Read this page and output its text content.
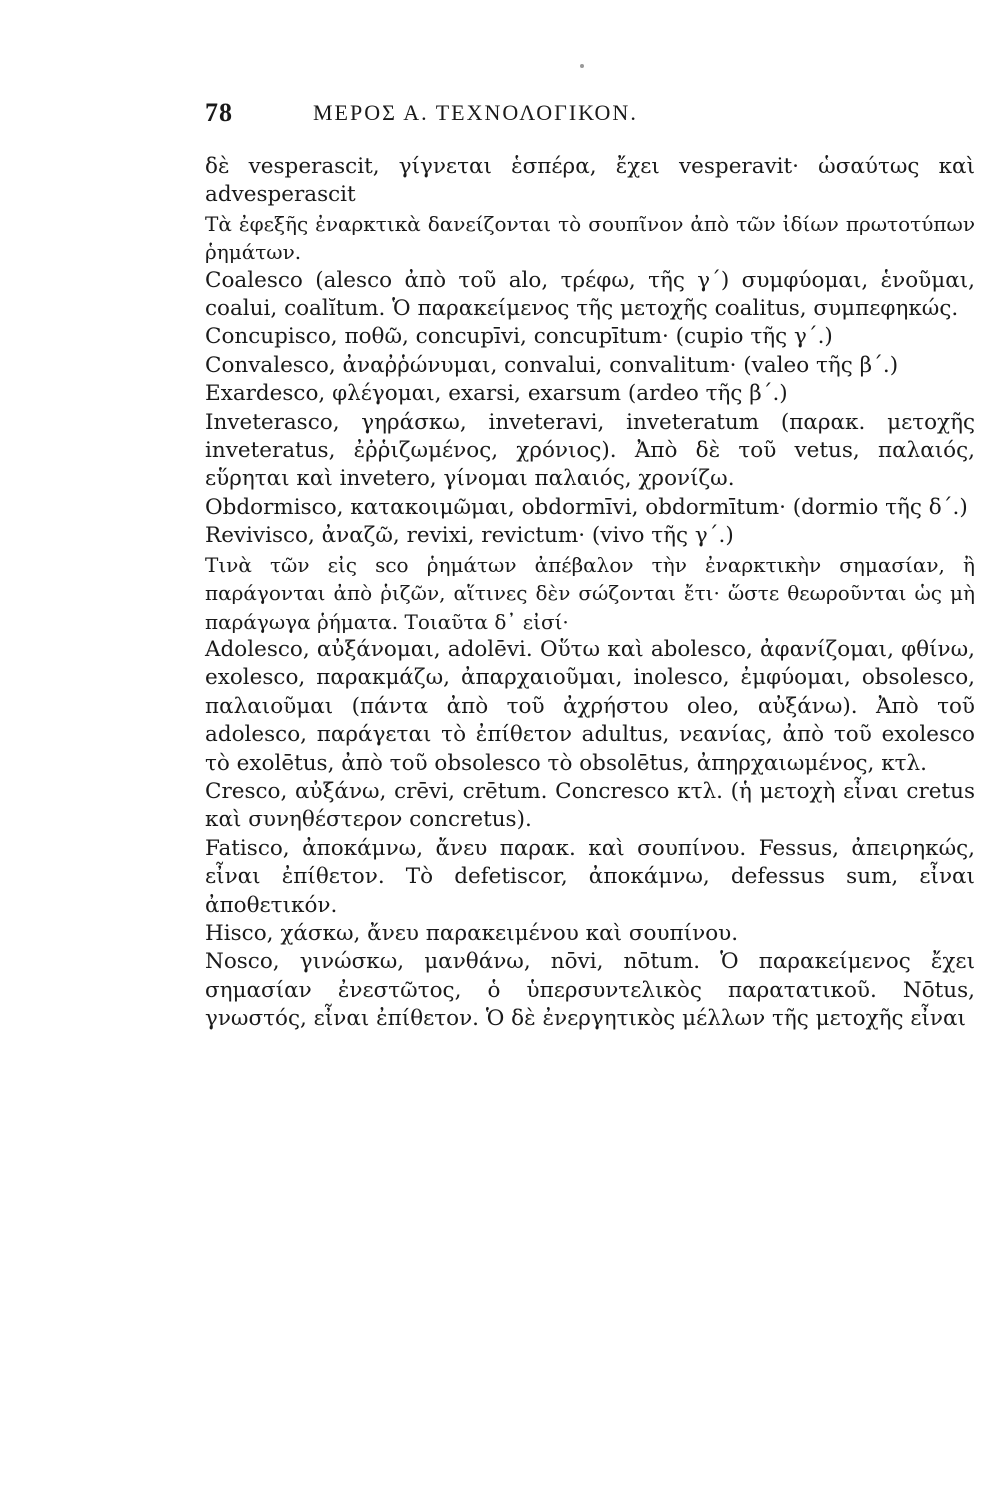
78	ΜΕΡΟΣ Α. ΤΕΧΝΟΛΟΓΙΚΟΝ.

δὲ vesperascit, γίγνεται ἑσπέρα, ἔχει vesperavit· ὡσαύτως καὶ advesperascit

Τὰ ἐφεξῆς ἐναρκτικὰ δανείζονται τὸ σουπῖνον ἀπὸ τῶν ἰδίων πρωτοτύπων ῥημάτων.

Coalesco (alesco ἀπὸ τοῦ alo, τρέφω, τῆς γ΄) συμφύομαι, ἑνοῦμαι, coalui, coalĭtum. Ὁ παρακείμενος τῆς μετοχῆς coalitus, συμπεφηκώς.

Concupisco, ποθῶ, concupīvi, concupītum· (cupio τῆς γ΄.)

Convalesco, ἀναῤῥώνυμαι, convalui, convalitum· (valeo τῆς β΄.)

Exardesco, φλέγομαι, exarsi, exarsum (ardeo τῆς β΄.)

Inveterasco, γηράσκω, inveteravi, inveteratum (παρακ. μετοχῆς inveteratus, ἐῤῥιζωμένος, χρόνιος). Ἀπὸ δὲ τοῦ vetus, παλαιός, εὕρηται καὶ invetero, γίνομαι παλαιός, χρονίζω.

Obdormisco, κατακοιμῶμαι, obdormīvi, obdormītum· (dormio τῆς δ΄.)

Revivisco, ἀναζῶ, revixi, revictum· (vivo τῆς γ΄.)

Τινὰ τῶν εἰς sco ῥημάτων ἀπέβαλον τὴν ἐναρκτικὴν σημασίαν, ἢ παράγονται ἀπὸ ῥιζῶν, αἵτινες δὲν σώζονται ἔτι· ὥστε θεωροῦνται ὡς μὴ παράγωγα ῥήματα. Τοιαῦτα δ᾽ εἰσί·

Adolesco, αὐξάνομαι, adolēvi. Οὕτω καὶ abolesco, ἀφανίζομαι, φθίνω, exolesco, παρακμάζω, ἀπαρχαιοῦμαι, inolesco, ἐμφύομαι, obsolesco, παλαιοῦμαι (πάντα ἀπὸ τοῦ ἀχρήστου oleo, αὐξάνω). Ἀπὸ τοῦ adolesco, παράγεται τὸ ἐπίθετον adultus, νεανίας, ἀπὸ τοῦ exolesco τὸ exolētus, ἀπὸ τοῦ obsolesco τὸ obsolētus, ἀπηρχαιωμένος, κτλ.

Cresco, αὐξάνω, crēvi, crētum. Concresco κτλ. (ἡ μετοχὴ εἶναι cretus καὶ συνηθέστερον concretus).

Fatisco, ἀποκάμνω, ἄνευ παρακ. καὶ σουπίνου. Fessus, ἀπειρηκώς, εἶναι ἐπίθετον. Τὸ defetiscor, ἀποκάμνω, defessus sum, εἶναι ἀποθετικόν.

Hisco, χάσκω, ἄνευ παρακειμένου καὶ σουπίνου.

Nosco, γινώσκω, μανθάνω, nōvi, nōtum. Ὁ παρακείμενος ἔχει σημασίαν ἐνεστῶτος, ὁ ὑπερσυντελικὸς παρατατικοῦ. Nōtus, γνωστός, εἶναι ἐπίθετον. Ὁ δὲ ἐνεργητικὸς μέλλων τῆς μετοχῆς εἶναι
